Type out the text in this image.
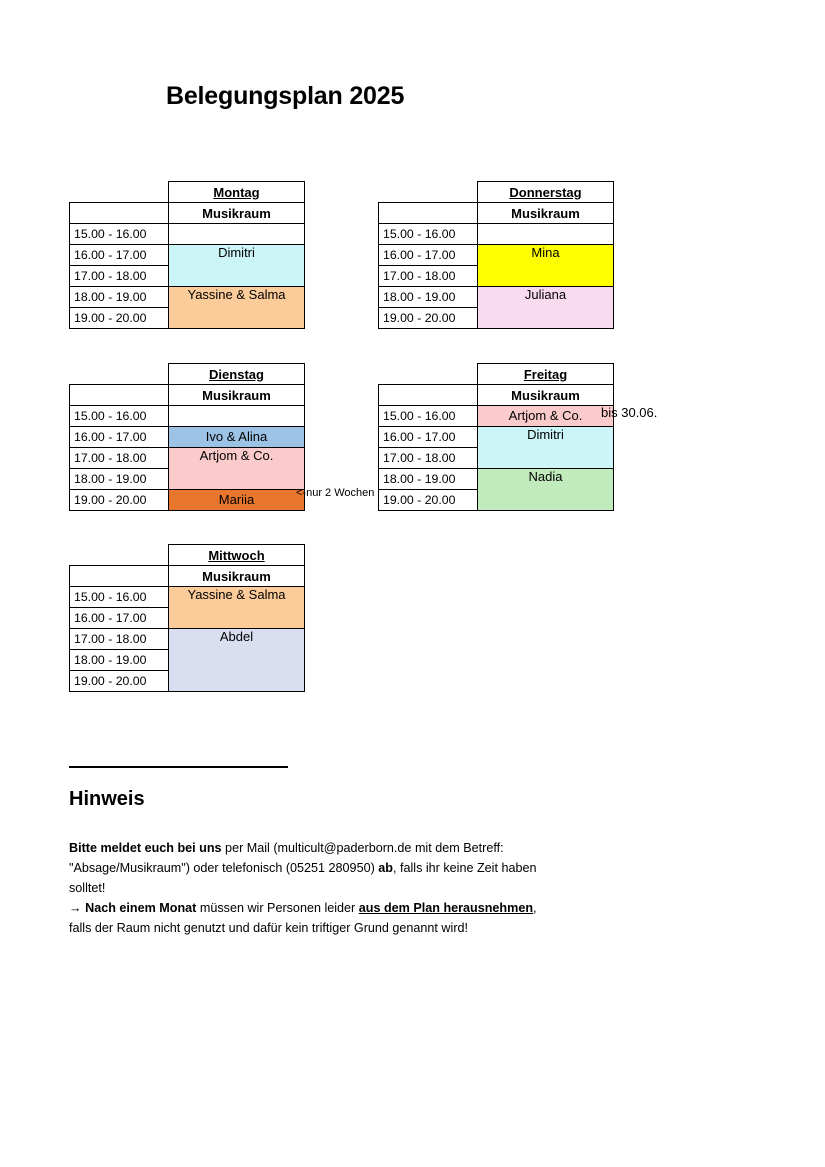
Belegungsplan 2025
	Montag
	Musikraum
15.00 - 16.00	
16.00 - 17.00	Dimitri
17.00 - 18.00	
18.00 - 19.00	Yassine & Salma
19.00 - 20.00	
	Donnerstag
	Musikraum
15.00 - 16.00	
16.00 - 17.00	Mina
17.00 - 18.00	
18.00 - 19.00	Juliana
19.00 - 20.00	
	Dienstag
	Musikraum
15.00 - 16.00	
16.00 - 17.00	Ivo & Alina
17.00 - 18.00	Artjom & Co.
18.00 - 19.00	
19.00 - 20.00	Mariia
	Freitag
	Musikraum
15.00 - 16.00	Artjom & Co.
16.00 - 17.00	Dimitri
17.00 - 18.00	
18.00 - 19.00	Nadia
19.00 - 20.00	
	Mittwoch
	Musikraum
15.00 - 16.00	Yassine & Salma
16.00 - 17.00	
17.00 - 18.00	Abdel
18.00 - 19.00	
19.00 - 20.00	
<-nur 2 Wochen
bis 30.06.
Hinweis
Bitte meldet euch bei uns per Mail (multicult@paderborn.de mit dem Betreff: "Absage/Musikraum") oder telefonisch (05251 280950) ab, falls ihr keine Zeit haben solltet!
→ Nach einem Monat müssen wir Personen leider aus dem Plan herausnehmen, falls der Raum nicht genutzt und dafür kein triftiger Grund genannt wird!
